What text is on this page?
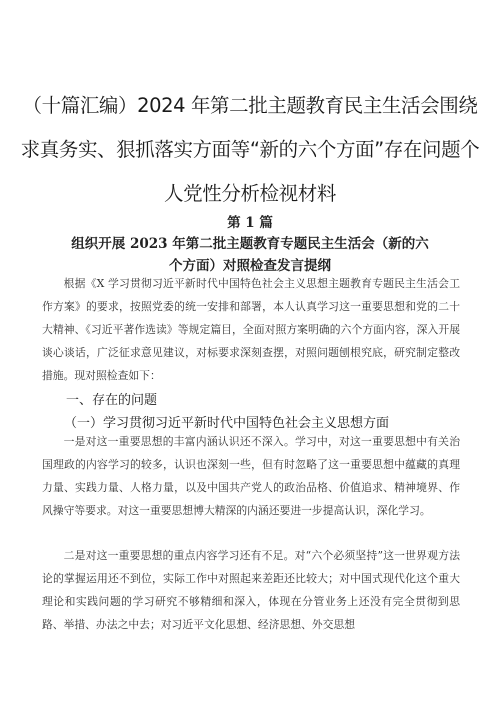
（十篇汇编）2024 年第二批主题教育民主生活会围绕
求真务实、狠抓落实方面等“新的六个方面”存在问题个
人党性分析检视材料
第 1 篇
组织开展 2023 年第二批主题教育专题民主生活会（新的六
个方面）对照检查发言提纲

根据《X 学习贯彻习近平新时代中国特色社会主义思想主题教育专题民主生活会工作方案》的要求，按照党委的统一安排和部署，本人认真学习这一重要思想和党的二十大精神、《习近平著作选读》等规定篇目，全面对照方案明确的六个方面内容，深入开展谈心谈话，广泛征求意见建议，对标要求深刻查摆，对照问题刨根究底，研究制定整改措施。现对照检查如下：

一、存在的问题
（一）学习贯彻习近平新时代中国特色社会主义思想方面

一是对这一重要思想的丰富内涵认识还不深入。学习中，对这一重要思想中有关治国理政的内容学习的较多，认识也深刻一些，但有时忽略了这一重要思想中蕴藏的真理力量、实践力量、人格力量，以及中国共产党人的政治品格、价值追求、精神境界、作风操守等要求。对这一重要思想博大精深的内涵还要进一步提高认识，深化学习。

二是对这一重要思想的重点内容学习还有不足。对“六个必须坚持”这一世界观方法论的掌握运用还不到位，实际工作中对照起来差距还比较大；对中国式现代化这个重大理论和实践问题的学习研究不够精细和深入，体现在分管业务上还没有完全贯彻到思路、举措、办法之中去；对习近平文化思想、经济思想、外交思想
